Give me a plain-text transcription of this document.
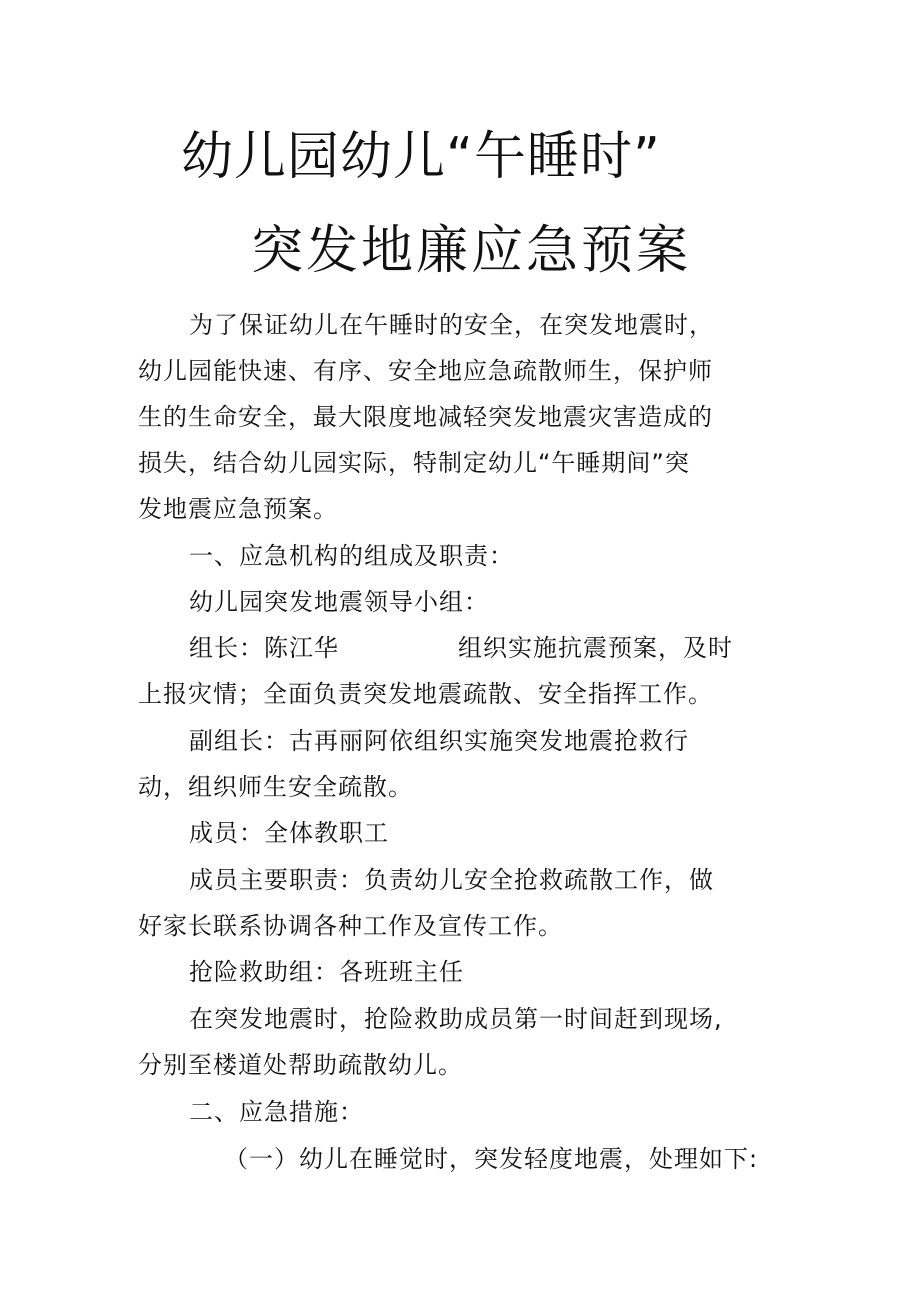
幼儿园幼儿“午睡时”
突发地廉应急预案
为了保证幼儿在午睡时的安全，在突发地震时，
幼儿园能快速、有序、安全地应急疏散师生，保护师
生的生命安全，最大限度地减轻突发地震灾害造成的
损失，结合幼儿园实际，特制定幼儿“午睡期间”突
发地震应急预案。
一、应急机构的组成及职责：
幼儿园突发地震领导小组：
组长：陈江华	组织实施抗震预案，及时
上报灾情；全面负责突发地震疏散、安全指挥工作。
副组长：古再丽阿依组织实施突发地震抢救行
动，组织师生安全疏散。
成员：全体教职工
成员主要职责：负责幼儿安全抢救疏散工作，做
好家长联系协调各种工作及宣传工作。
抢险救助组：各班班主任
在突发地震时，抢险救助成员第一时间赶到现场,
分别至楼道处帮助疏散幼儿。
二、应急措施：
（一）幼儿在睡觉时，突发轻度地震，处理如下:
